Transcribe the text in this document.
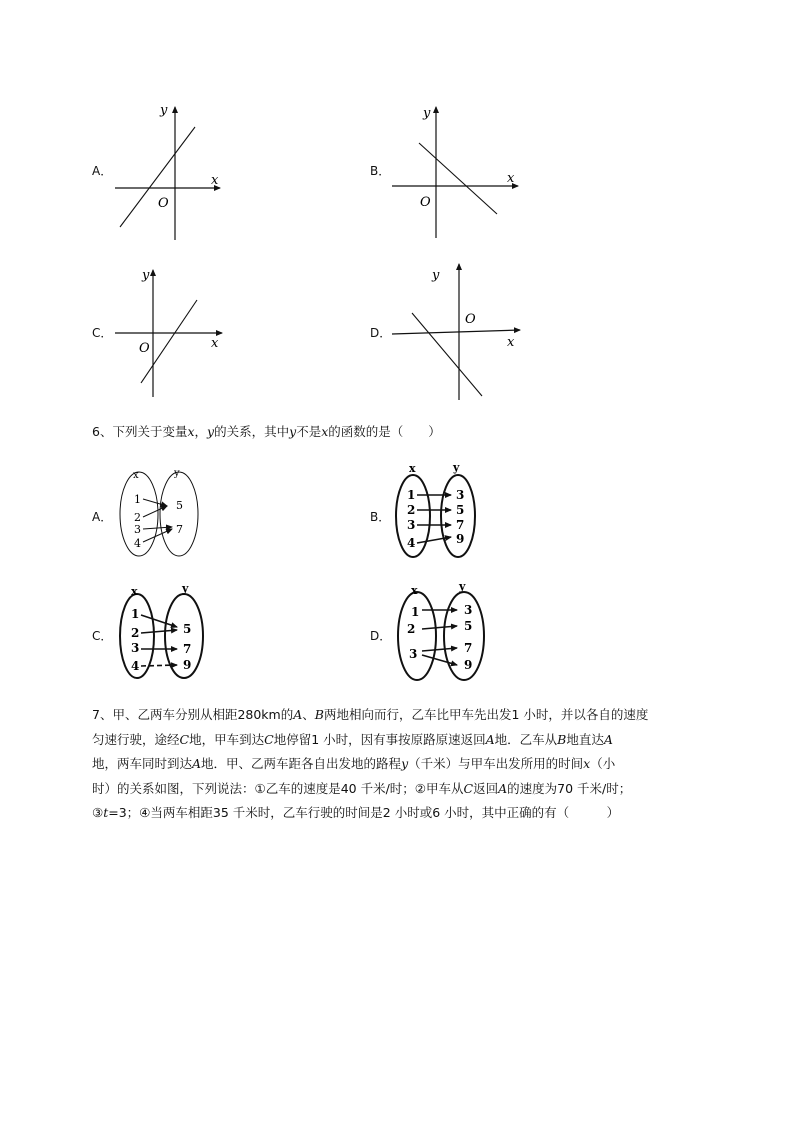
A．	B．
C．	D．
y
x
O
y
x
O
y
x
O
y
x
O
6、下列关于变量x，y的关系，其中y不是x的函数的是（　　）
A．	B．
C．	D．
x	y
1
2
3
4
5
7
x	y
1
2
3
4
3
5
7
9
x	y
1
2
3
4
5
7
9
x	y
1
2
3
3
5
7
9
7、甲、乙两车分别从相距280km的A、B两地相向而行，乙车比甲车先出发1 小时，并以各自的速度
匀速行驶，途经C地，甲车到达C地停留1 小时，因有事按原路原速返回A地．乙车从B地直达A
地，两车同时到达A地．甲、乙两车距各自出发地的路程y（千米）与甲车出发所用的时间x（小
时）的关系如图，下列说法：①乙车的速度是40 千米/时；②甲车从C返回A的速度为70 千米/时；
③t=3；④当两车相距35 千米时，乙车行驶的时间是2 小时或6 小时，其中正确的有（　　　）
